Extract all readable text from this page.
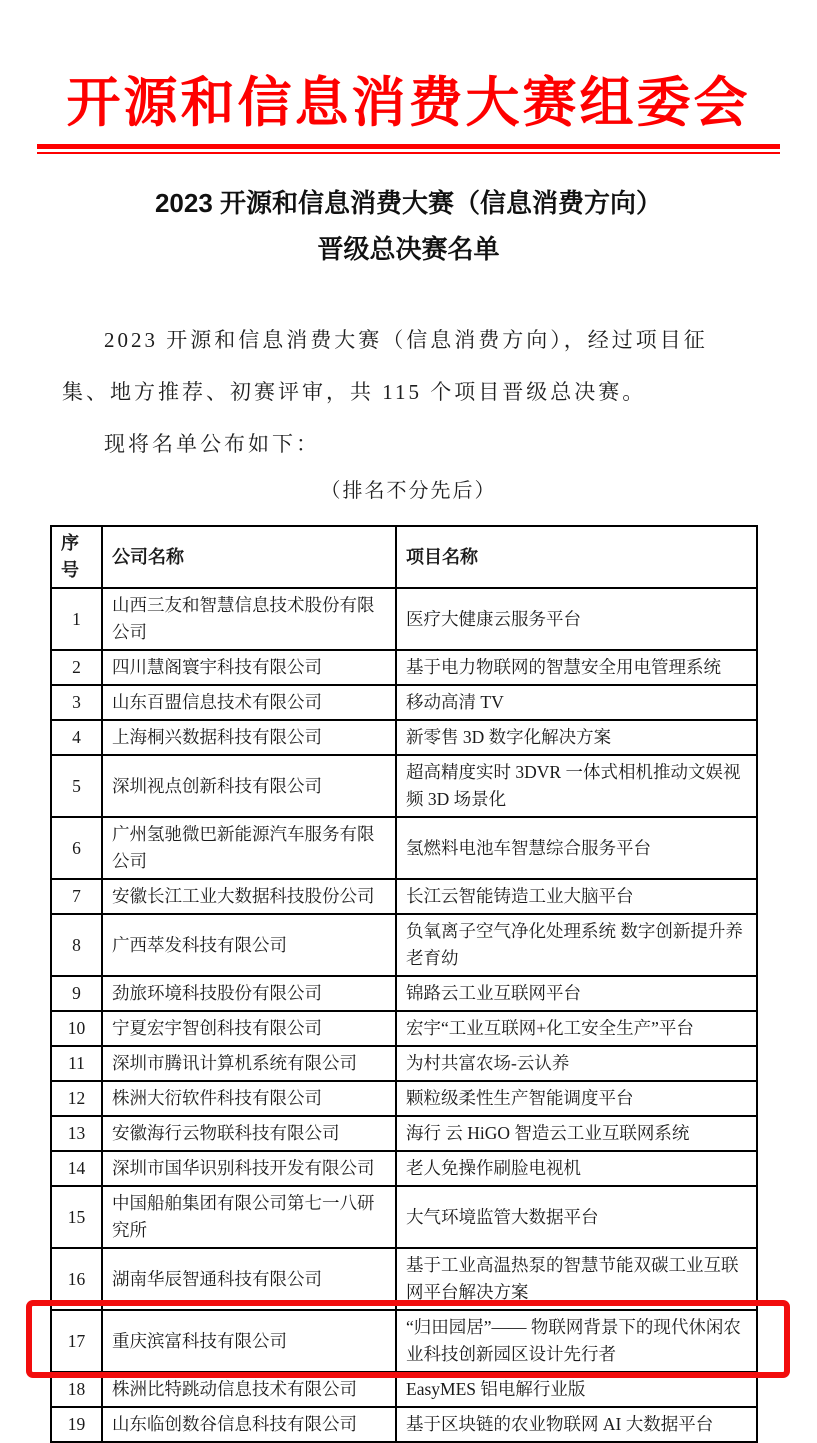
开源和信息消费大赛组委会
2023 开源和信息消费大赛（信息消费方向）
晋级总决赛名单
2023 开源和信息消费大赛（信息消费方向），经过项目征
集、地方推荐、初赛评审，共 115 个项目晋级总决赛。
现将名单公布如下：
（排名不分先后）
序号	公司名称	项目名称
1	山西三友和智慧信息技术股份有限公司	医疗大健康云服务平台
2	四川慧阁寰宇科技有限公司	基于电力物联网的智慧安全用电管理系统
3	山东百盟信息技术有限公司	移动高清 TV
4	上海桐兴数据科技有限公司	新零售 3D 数字化解决方案
5	深圳视点创新科技有限公司	超高精度实时 3DVR 一体式相机推动文娱视频 3D 场景化
6	广州氢驰微巴新能源汽车服务有限公司	氢燃料电池车智慧综合服务平台
7	安徽长江工业大数据科技股份公司	长江云智能铸造工业大脑平台
8	广西萃发科技有限公司	负氧离子空气净化处理系统 数字创新提升养老育幼
9	劲旅环境科技股份有限公司	锦路云工业互联网平台
10	宁夏宏宇智创科技有限公司	宏宇“工业互联网+化工安全生产”平台
11	深圳市腾讯计算机系统有限公司	为村共富农场-云认养
12	株洲大衍软件科技有限公司	颗粒级柔性生产智能调度平台
13	安徽海行云物联科技有限公司	海行 云 HiGO 智造云工业互联网系统
14	深圳市国华识别科技开发有限公司	老人免操作刷脸电视机
15	中国船舶集团有限公司第七一八研究所	大气环境监管大数据平台
16	湖南华辰智通科技有限公司	基于工业高温热泵的智慧节能双碳工业互联网平台解决方案
17	重庆滨富科技有限公司	“归田园居”—— 物联网背景下的现代休闲农业科技创新园区设计先行者
18	株洲比特跳动信息技术有限公司	EasyMES 铝电解行业版
19	山东临创数谷信息科技有限公司	基于区块链的农业物联网 AI 大数据平台
